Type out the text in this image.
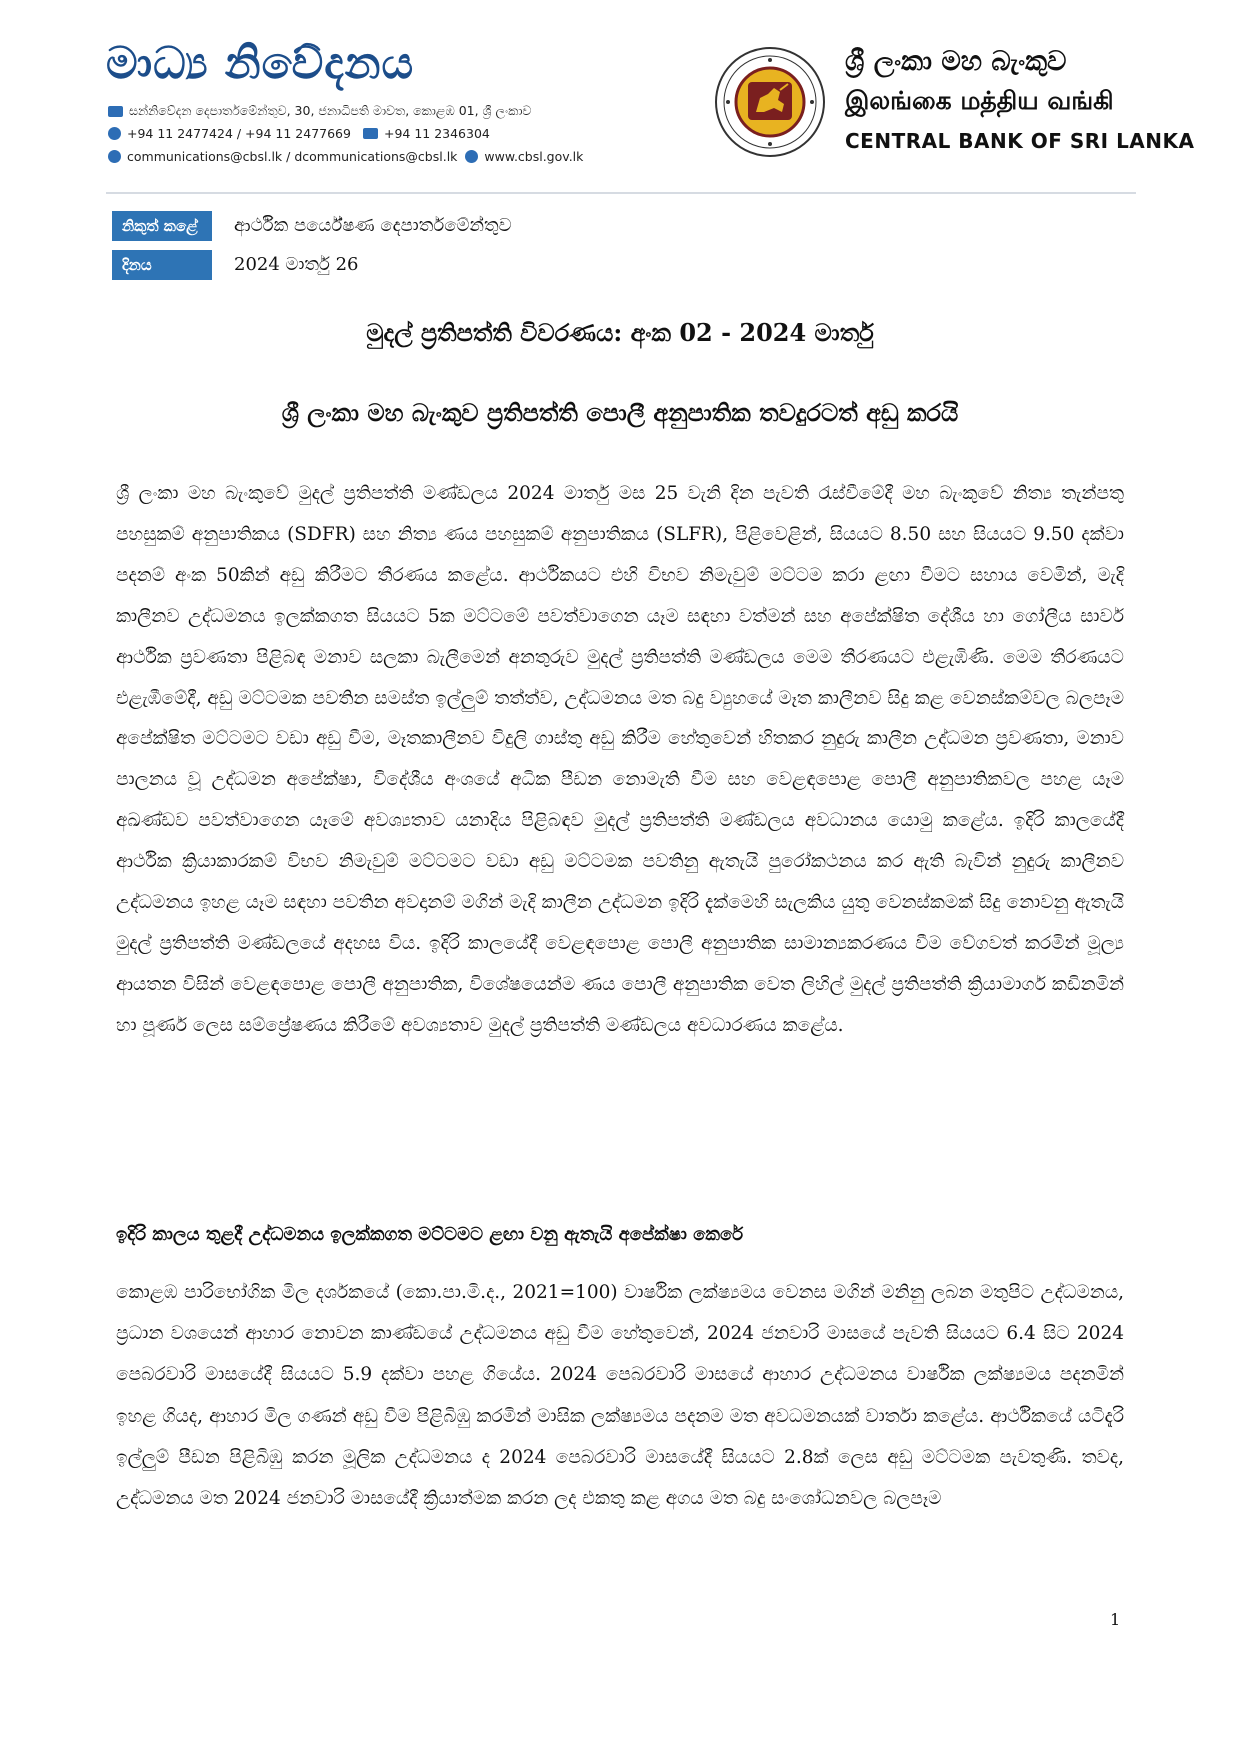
මාධ්‍ය නිවේදනය
සන්නිවේදන දෙපාර්තමේන්තුව, 30, ජනාධිපති මාවත, කොළඹ 01, ශ්‍රී ලංකාව
+94 11 2477424 / +94 11 2477669	+94 11 2346304
communications@cbsl.lk / dcommunications@cbsl.lk www.cbsl.gov.lk
ශ්‍රී ලංකා මහ බැංකුව
இலங்கை மத்திய வங்கி
CENTRAL BANK OF SRI LANKA
නිකුත් කළේ	ආර්ථික පර්යේෂණ දෙපාර්තමේන්තුව
දිනය	2024 මාර්තු 26
මුදල් ප්‍රතිපත්ති විවරණය: අංක 02 - 2024 මාර්තු
ශ්‍රී ලංකා මහ බැංකුව ප්‍රතිපත්ති පොලී අනුපාතික තවදුරටත් අඩු කරයි

ශ්‍රී ලංකා මහ බැංකුවේ මුදල් ප්‍රතිපත්ති මණ්ඩලය 2024 මාර්තු මස 25 වැනි දින පැවති රැස්වීමේදී මහ බැංකුවේ නිත්‍ය තැන්පතු පහසුකම් අනුපාතිකය (SDFR) සහ නිත්‍ය ණය පහසුකම් අනුපාතිකය (SLFR), පිළිවෙළින්, සියයට 8.50 සහ සියයට 9.50 දක්වා පදනම් අංක 50කින් අඩු කිරීමට තීරණය කළේය. ආර්ථිකයට එහි විභව නිමැවුම් මට්ටම කරා ළඟා වීමට සහාය වෙමින්, මැදි කාලීනව උද්ධමනය ඉලක්කගත සියයට 5ක මට්ටමේ පවත්වාගෙන යෑම සඳහා වත්මන් සහ අපේක්ෂිත දේශීය හා ගෝලීය සාර්ව ආර්ථික ප්‍රවණතා පිළිබඳ මනාව සලකා බැලීමෙන් අනතුරුව මුදල් ප්‍රතිපත්ති මණ්ඩලය මෙම තීරණයට එළැඹිණි. මෙම තීරණයට එළැඹීමේදී, අඩු මට්ටමක පවතින සමස්ත ඉල්ලුම් තත්ත්ව, උද්ධමනය මත බදු ව්‍යුහයේ මෑත කාලීනව සිදු කළ වෙනස්කම්වල බලපෑම අපේක්ෂිත මට්ටමට වඩා අඩු වීම, මෑතකාලීනව විදුලි ගාස්තු අඩු කිරීම හේතුවෙන් හිතකර නුදුරු කාලීන උද්ධමන ප්‍රවණතා, මනාව පාලනය වූ උද්ධමන අපේක්ෂා, විදේශීය අංශයේ අධික පීඩන නොමැති වීම සහ වෙළඳපොළ පොලී අනුපාතිකවල පහළ යෑම අඛණ්ඩව පවත්වාගෙන යෑමේ අවශ්‍යතාව යනාදිය පිළිබඳව මුදල් ප්‍රතිපත්ති මණ්ඩලය අවධානය යොමු කළේය. ඉදිරි කාලයේදී ආර්ථික ක්‍රියාකාරකම් විභව නිමැවුම් මට්ටමට වඩා අඩු මට්ටමක පවතිනු ඇතැයි පුරෝකථනය කර ඇති බැවින් නුදුරු කාලීනව උද්ධමනය ඉහළ යෑම සඳහා පවතින අවදානම් මගින් මැදි කාලීන උද්ධමන ඉදිරි දැක්මෙහි සැලකිය යුතු වෙනස්කමක් සිදු නොවනු ඇතැයි මුදල් ප්‍රතිපත්ති මණ්ඩලයේ අදහස විය. ඉදිරි කාලයේදී වෙළඳපොළ පොලී අනුපාතික සාමාන්‍යකරණය වීම වේගවත් කරමින් මූල්‍ය ආයතන විසින් වෙළඳපොළ පොලී අනුපාතික, විශේෂයෙන්ම ණය පොලී අනුපාතික වෙත ලිහිල් මුදල් ප්‍රතිපත්ති ක්‍රියාමාර්ග කඩිනමින් හා පූර්ණ ලෙස සම්ප්‍රේෂණය කිරීමේ අවශ්‍යතාව මුදල් ප්‍රතිපත්ති මණ්ඩලය අවධාරණය කළේය.

ඉදිරි කාලය තුළදී උද්ධමනය ඉලක්කගත මට්ටමට ළඟා වනු ඇතැයි අපේක්ෂා කෙරේ

කොළඹ පාරිභෝගික මිල දර්ශකයේ (කො.පා.මි.ද., 2021=100) වාර්ෂික ලක්ෂ්‍යමය වෙනස මගින් මනිනු ලබන මතුපිට උද්ධමනය, ප්‍රධාන වශයෙන් ආහාර නොවන කාණ්ඩයේ උද්ධමනය අඩු වීම හේතුවෙන්, 2024 ජනවාරි මාසයේ පැවති සියයට 6.4 සිට 2024 පෙබරවාරි මාසයේදී සියයට 5.9 දක්වා පහළ ගියේය. 2024 පෙබරවාරි මාසයේ ආහාර උද්ධමනය වාර්ෂික ලක්ෂ්‍යමය පදනමින් ඉහළ ගියද, ආහාර මිල ගණන් අඩු වීම පිළිබිඹු කරමින් මාසික ලක්ෂ්‍යමය පදනම මත අවධමනයක් වාර්තා කළේය. ආර්ථිකයේ යටිදැරි ඉල්ලුම් පීඩන පිළිබිඹු කරන මූලික උද්ධමනය ද 2024 පෙබරවාරි මාසයේදී සියයට 2.8ක් ලෙස අඩු මට්ටමක පැවතුණි. තවද, උද්ධමනය මත 2024 ජනවාරි මාසයේදී ක්‍රියාත්මක කරන ලද එකතු කළ අගය මත බදු සංශෝධනවල බලපෑම

1
